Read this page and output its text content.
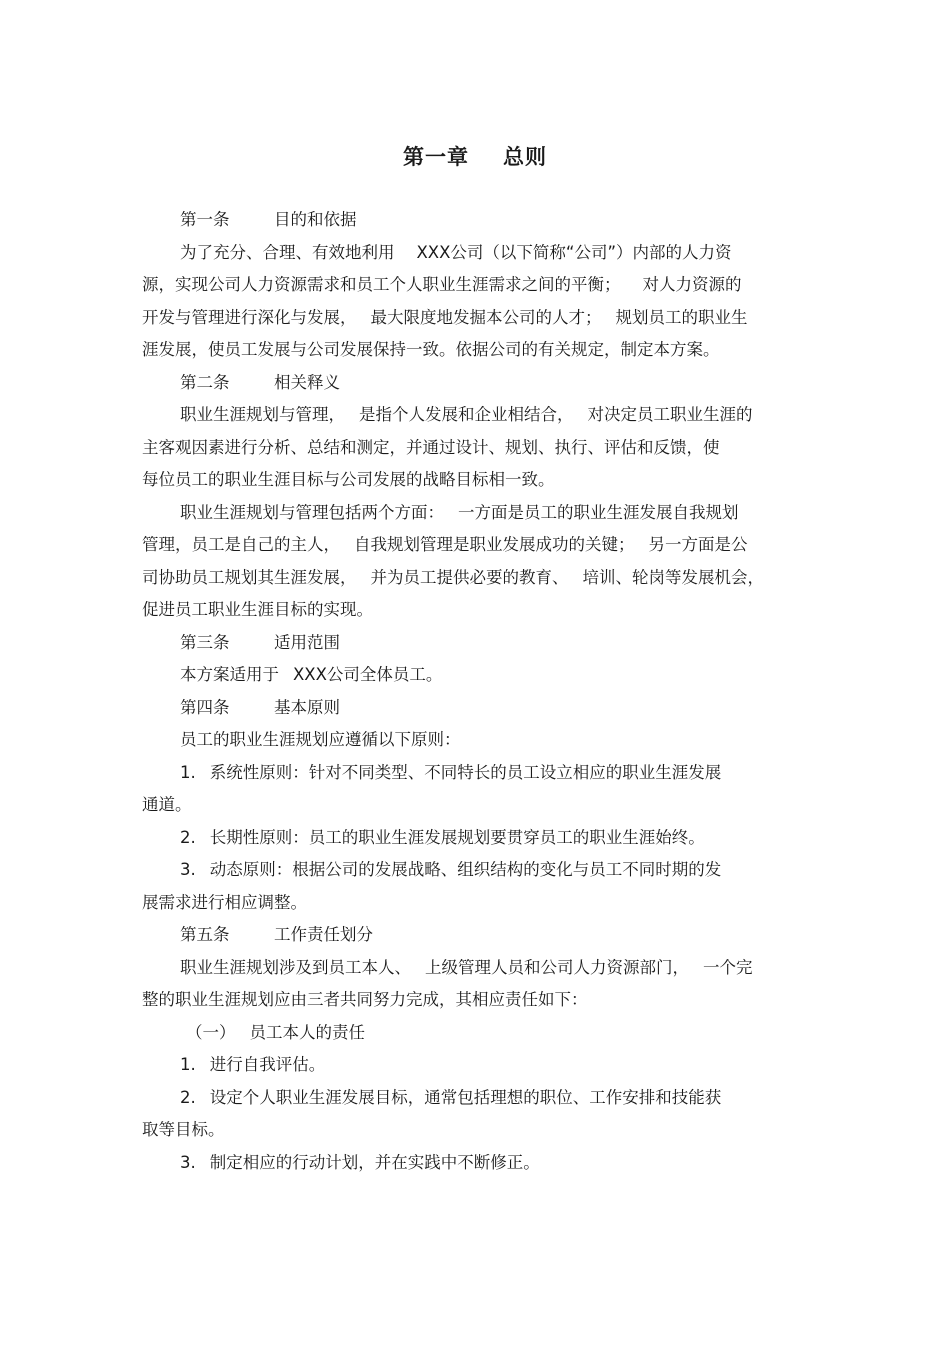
第一章 总则

第一条	目的和依据

为了充分、合理、有效地利用 XXX公司（以下简称“公司”）内部的人力资

源，实现公司人力资源需求和员工个人职业生涯需求之间的平衡； 对人力资源的

开发与管理进行深化与发展， 最大限度地发掘本公司的人才； 规划员工的职业生

涯发展，使员工发展与公司发展保持一致。依据公司的有关规定，制定本方案。

第二条	相关释义

职业生涯规划与管理， 是指个人发展和企业相结合， 对决定员工职业生涯的

主客观因素进行分析、总结和测定，并通过设计、规划、执行、评估和反馈，使

每位员工的职业生涯目标与公司发展的战略目标相一致。

职业生涯规划与管理包括两个方面： 一方面是员工的职业生涯发展自我规划

管理，员工是自己的主人， 自我规划管理是职业发展成功的关键； 另一方面是公

司协助员工规划其生涯发展， 并为员工提供必要的教育、 培训、轮岗等发展机会，

促进员工职业生涯目标的实现。

第三条	适用范围

本方案适用于 XXX公司全体员工。

第四条	基本原则

员工的职业生涯规划应遵循以下原则：

1. 系统性原则：针对不同类型、不同特长的员工设立相应的职业生涯发展

通道。

2. 长期性原则：员工的职业生涯发展规划要贯穿员工的职业生涯始终。

3. 动态原则：根据公司的发展战略、组织结构的变化与员工不同时期的发

展需求进行相应调整。

第五条	工作责任划分

职业生涯规划涉及到员工本人、 上级管理人员和公司人力资源部门， 一个完

整的职业生涯规划应由三者共同努力完成，其相应责任如下：

（一） 员工本人的责任

1. 进行自我评估。

2. 设定个人职业生涯发展目标，通常包括理想的职位、工作安排和技能获

取等目标。

3. 制定相应的行动计划，并在实践中不断修正。
